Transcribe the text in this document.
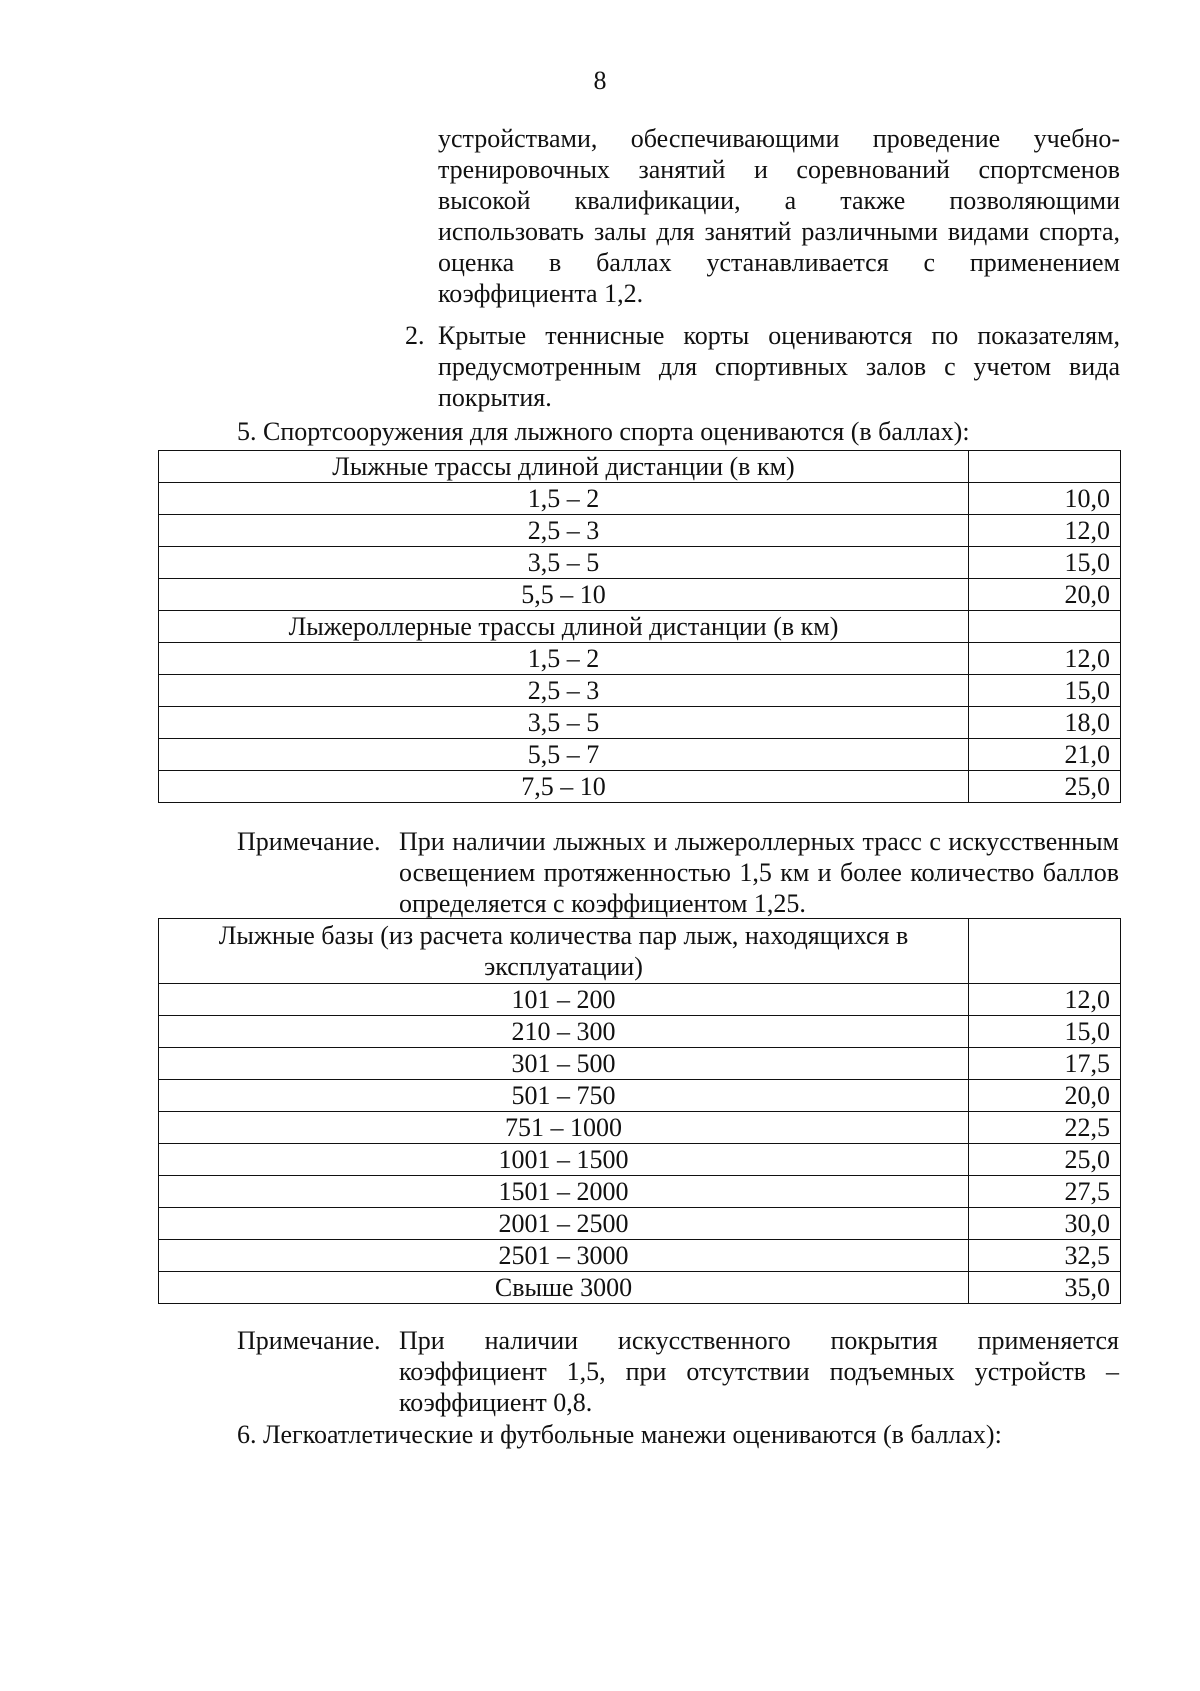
8
устройствами, обеспечивающими проведение учебно-тренировочных занятий и соревнований спортсменов высокой квалификации, а также позволяющими использовать залы для занятий различными видами спорта, оценка в баллах устанавливается с применением коэффициента 1,2.
2. Крытые теннисные корты оцениваются по показателям, предусмотренным для спортивных залов с учетом вида покрытия.
5. Спортсооружения для лыжного спорта оцениваются (в баллах):
Лыжные трассы длиной дистанции (в км)	
1,5 – 2	10,0
2,5 – 3	12,0
3,5 – 5	15,0
5,5 – 10	20,0
Лыжероллерные трассы длиной дистанции (в км)	
1,5 – 2	12,0
2,5 – 3	15,0
3,5 – 5	18,0
5,5 – 7	21,0
7,5 – 10	25,0
Примечание. При наличии лыжных и лыжероллерных трасс с искусственным освещением протяженностью 1,5 км и более количество баллов определяется с коэффициентом 1,25.
Лыжные базы (из расчета количества пар лыж, находящихся в эксплуатации)	
101 – 200	12,0
210 – 300	15,0
301 – 500	17,5
501 – 750	20,0
751 – 1000	22,5
1001 – 1500	25,0
1501 – 2000	27,5
2001 – 2500	30,0
2501 – 3000	32,5
Свыше 3000	35,0
Примечание. При наличии искусственного покрытия применяется коэффициент 1,5, при отсутствии подъемных устройств – коэффициент 0,8.
6. Легкоатлетические и футбольные манежи оцениваются (в баллах):
